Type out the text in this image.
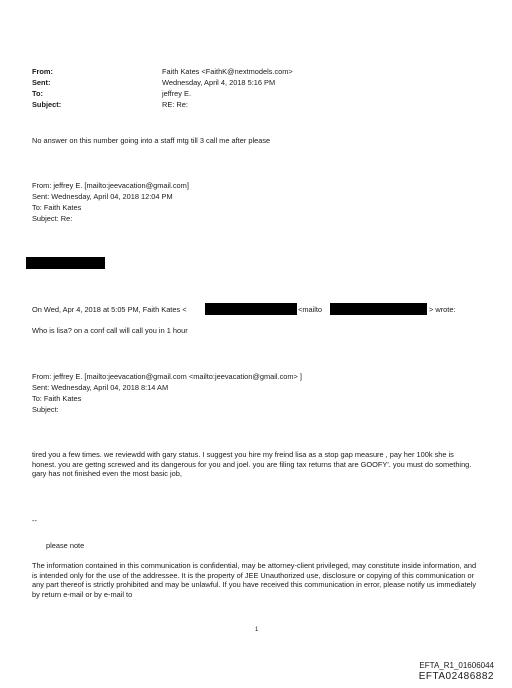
From:
Sent:
To:
Subject:
Faith Kates <FaithK@nextmodels.com>
Wednesday, April 4, 2018 5:16 PM
jeffrey E.
RE: Re:
No answer on this number going into a staff mtg till 3 call me after please
From: jeffrey E. [mailto:jeevacation@gmail.com]
Sent: Wednesday, April 04, 2018 12:04 PM
To: Faith Kates
Subject: Re:
On Wed, Apr 4, 2018 at 5:05 PM, Faith Kates <	<mailto	> wrote:
Who is lisa? on a conf call will call you in 1 hour
From: jeffrey E. [mailto:jeevacation@gmail.com <mailto:jeevacation@gmail.com> ]
Sent: Wednesday, April 04, 2018 8:14 AM
To: Faith Kates
Subject:
tired you a few times. we reviewdd with gary status. I suggest you hire my freind lisa as a stop gap measure , pay her 100k she is honest. you are gettng screwed and its dangerous for you and joel. you are filing tax returns that are GOOFY'. you must do something. gary has not finished even the most basic job,
--
please note
The information contained in this communication is confidential, may be attorney-client privileged, may constitute inside information, and is intended only for the use of the addressee. It is the property of JEE Unauthorized use, disclosure or copying of this communication or any part thereof is strictly prohibited and may be unlawful. If you have received this communication in error, please notify us immediately by return e-mail or by e-mail to
1
EFTA_R1_01606044
EFTA02486882
